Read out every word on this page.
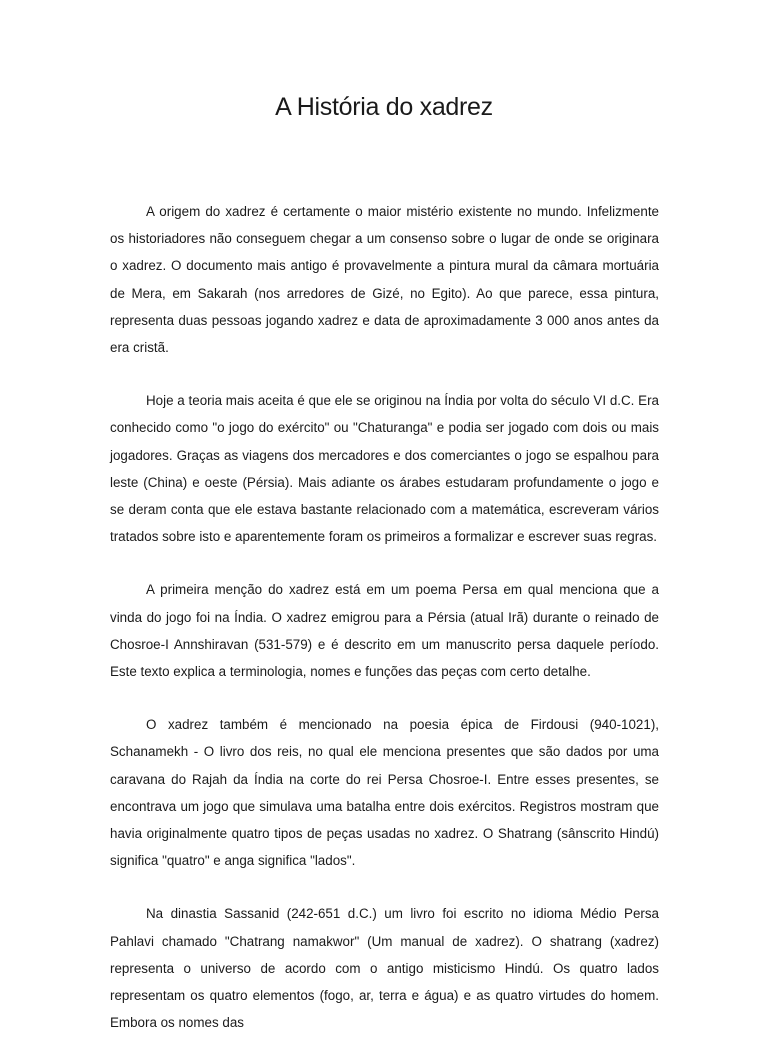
A História do xadrez

A origem do xadrez é certamente o maior mistério existente no mundo. Infelizmente os historiadores não conseguem chegar a um consenso sobre o lugar de onde se originara o xadrez. O documento mais antigo é provavelmente a pintura mural da câmara mortuária de Mera, em Sakarah (nos arredores de Gizé, no Egito). Ao que parece, essa pintura, representa duas pessoas jogando xadrez e data de aproximadamente 3 000 anos antes da era cristã.

Hoje a teoria mais aceita é que ele se originou na Índia por volta do século VI d.C. Era conhecido como "o jogo do exército" ou "Chaturanga" e podia ser jogado com dois ou mais jogadores. Graças as viagens dos mercadores e dos comerciantes o jogo se espalhou para leste (China) e oeste (Pérsia). Mais adiante os árabes estudaram profundamente o jogo e se deram conta que ele estava bastante relacionado com a matemática, escreveram vários tratados sobre isto e aparentemente foram os primeiros a formalizar e escrever suas regras.

A primeira menção do xadrez está em um poema Persa em qual menciona que a vinda do jogo foi na Índia. O xadrez emigrou para a Pérsia (atual Irã) durante o reinado de Chosroe-I Annshiravan (531-579) e é descrito em um manuscrito persa daquele período. Este texto explica a terminologia, nomes e funções das peças com certo detalhe.

O xadrez também é mencionado na poesia épica de Firdousi (940-1021), Schanamekh - O livro dos reis, no qual ele menciona presentes que são dados por uma caravana do Rajah da Índia na corte do rei Persa Chosroe-I. Entre esses presentes, se encontrava um jogo que simulava uma batalha entre dois exércitos. Registros mostram que havia originalmente quatro tipos de peças usadas no xadrez. O Shatrang (sânscrito Hindú) significa "quatro" e anga significa "lados".

Na dinastia Sassanid (242-651 d.C.) um livro foi escrito no idioma Médio Persa Pahlavi chamado "Chatrang namakwor" (Um manual de xadrez). O shatrang (xadrez) representa o universo de acordo com o antigo misticismo Hindú. Os quatro lados representam os quatro elementos (fogo, ar, terra e água) e as quatro virtudes do homem. Embora os nomes das
